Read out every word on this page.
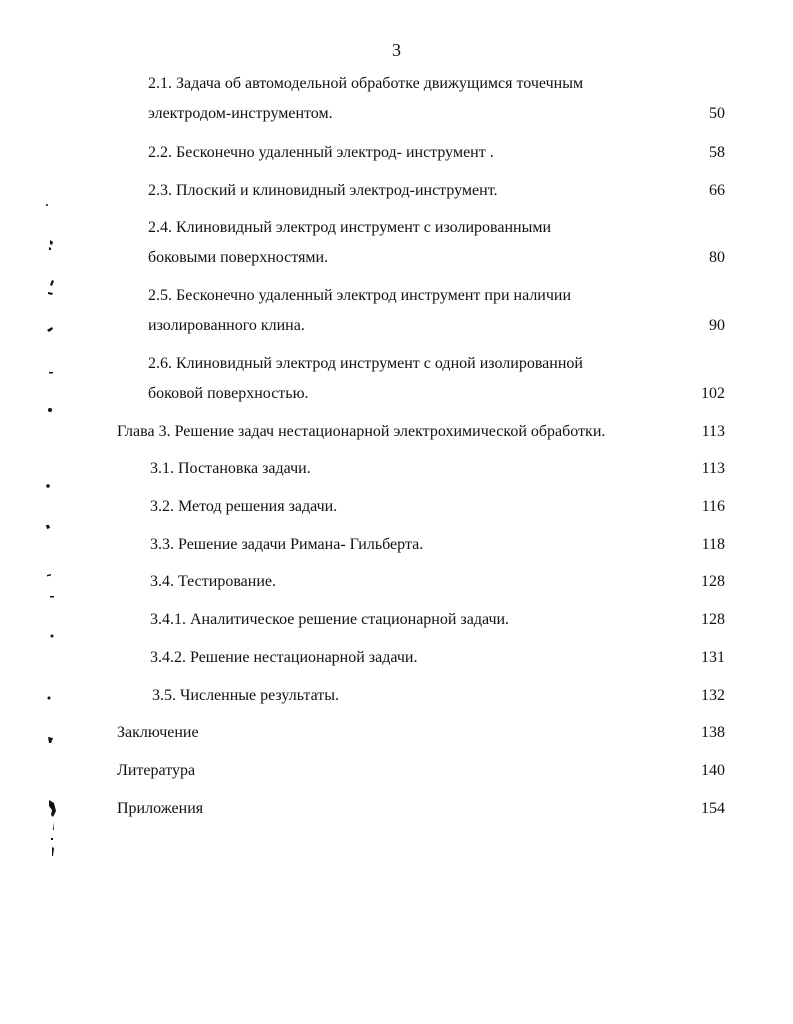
3
2.1. Задача об автомодельной обработке движущимся точечным
электродом-инструментом.	50
2.2. Бесконечно удаленный электрод- инструмент .	58
2.3. Плоский и клиновидный электрод-инструмент.	66
2.4. Клиновидный электрод инструмент с изолированными
боковыми поверхностями.	80
2.5. Бесконечно удаленный электрод инструмент при наличии
изолированного клина.	90
2.6. Клиновидный электрод инструмент с одной изолированной
боковой поверхностью.	102
Глава 3. Решение задач нестационарной электрохимической обработки.	113
3.1. Постановка задачи.	113
3.2. Метод решения задачи.	116
3.3. Решение задачи Римана- Гильберта.	118
3.4. Тестирование.	128
3.4.1. Аналитическое решение стационарной задачи.	128
3.4.2. Решение нестационарной задачи.	131
3.5. Численные результаты.	132
Заключение	138
Литература	140
Приложения	154
